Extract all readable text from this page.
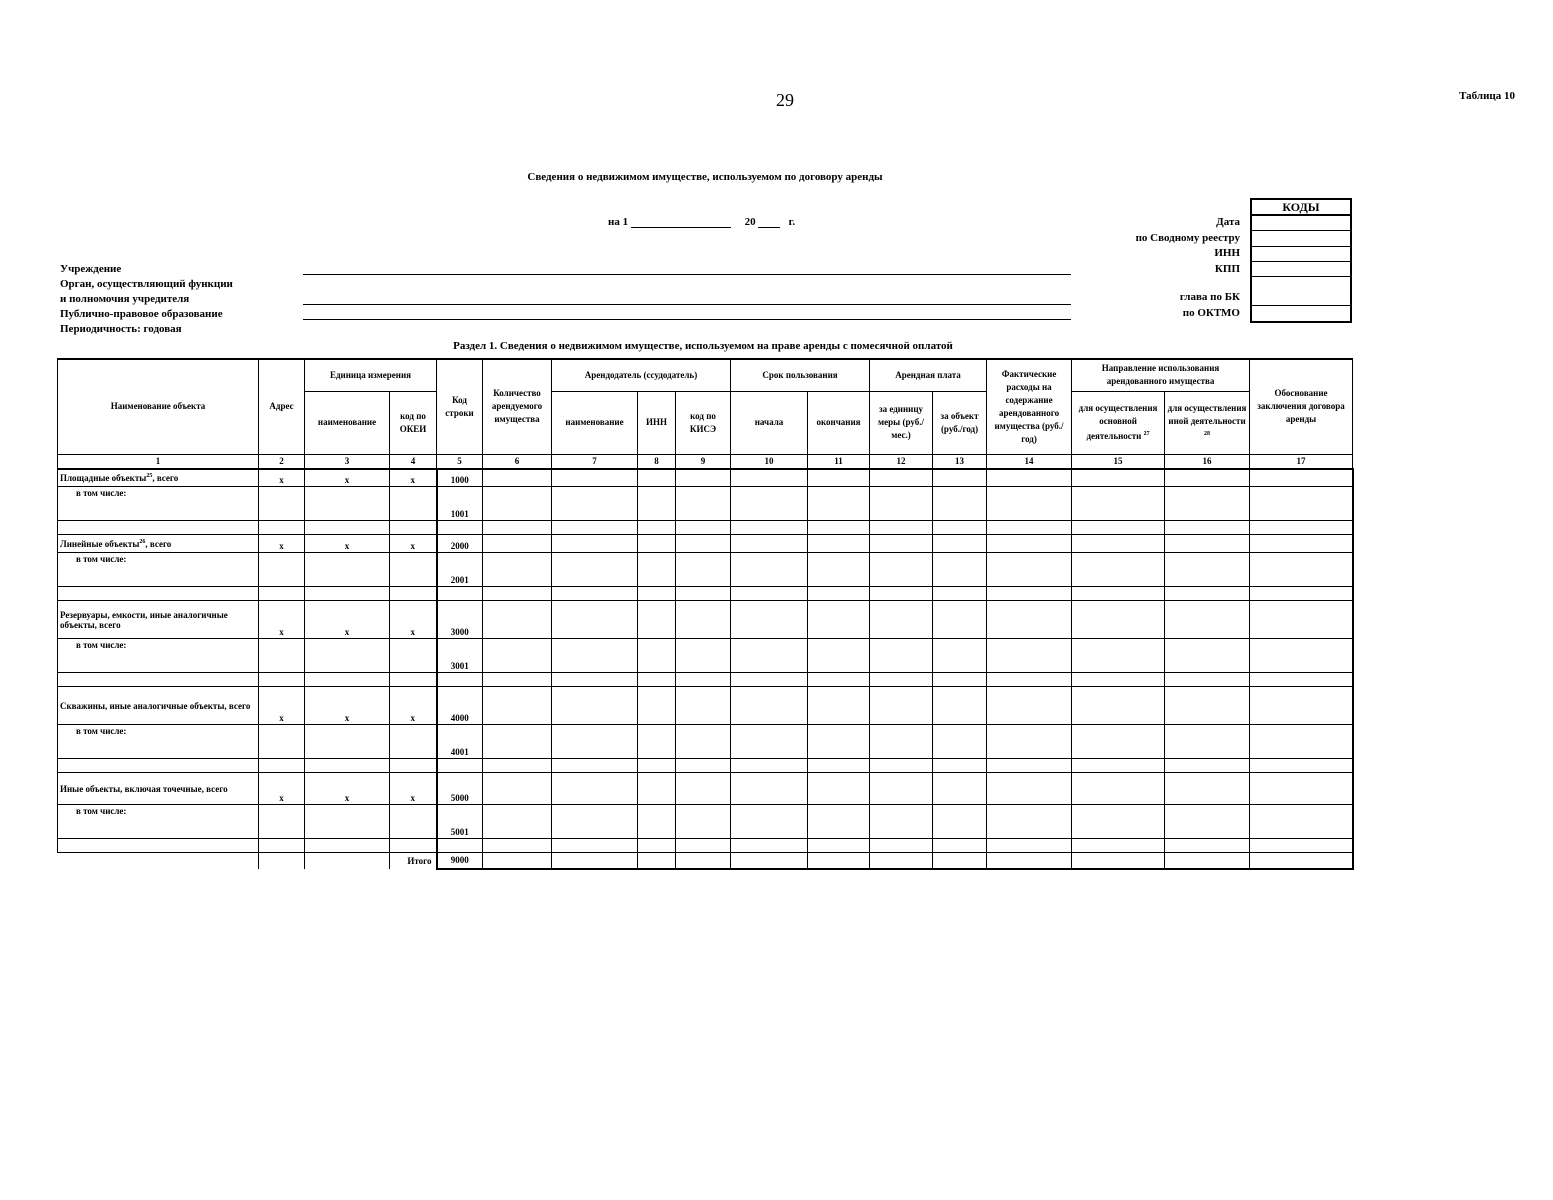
29	Таблица 10
Сведения о недвижимом имуществе, используемом по договору аренды
на 1	20	г.
Учреждение
Орган, осуществляющий функции
и полномочия учредителя
Публично-правовое образование
Периодичность: годовая
Дата
по Сводному реестру
ИНН
КПП
глава по БК
по ОКТМО
КОДЫ
Раздел 1. Сведения о недвижимом имуществе, используемом на праве аренды с помесячной оплатой
Наименование объекта	Адрес	Единица измерения		Код строки	Количество арендуемого имущества	Арендодатель (ссудодатель)			Срок пользования		Арендная плата		Фактические расходы на содержание арендованного имущества (руб./год)	Направление использования арендованного имущества		Обоснование заключения договора аренды
		наименование	код по ОКЕИ			наименование	ИНН	код по КИСЭ	начала	окончания	за единицу меры (руб./мес.)	за объект (руб./год)		для осуществления основной деятельности $^{27}$	для осуществления иной деятельности $^{28}$
1	2	3	4	5	6	7	8	9	10	11	12	13	14	15	16	17
Площадные объекты$^{25}$, всего	x	x	x	1000												
в том числе:				1001												

Линейные объекты$^{26}$, всего	x	x	x	2000												
в том числе:				2001												

Резервуары, емкости, иные аналогичные объекты, всего	x	x	x	3000												
в том числе:				3001												

Скважины, иные аналогичные объекты, всего	x	x	x	4000												
в том числе:				4001												

Иные объекты, включая точечные, всего	x	x	x	5000												
в том числе:				5001												

			Итого	9000												
